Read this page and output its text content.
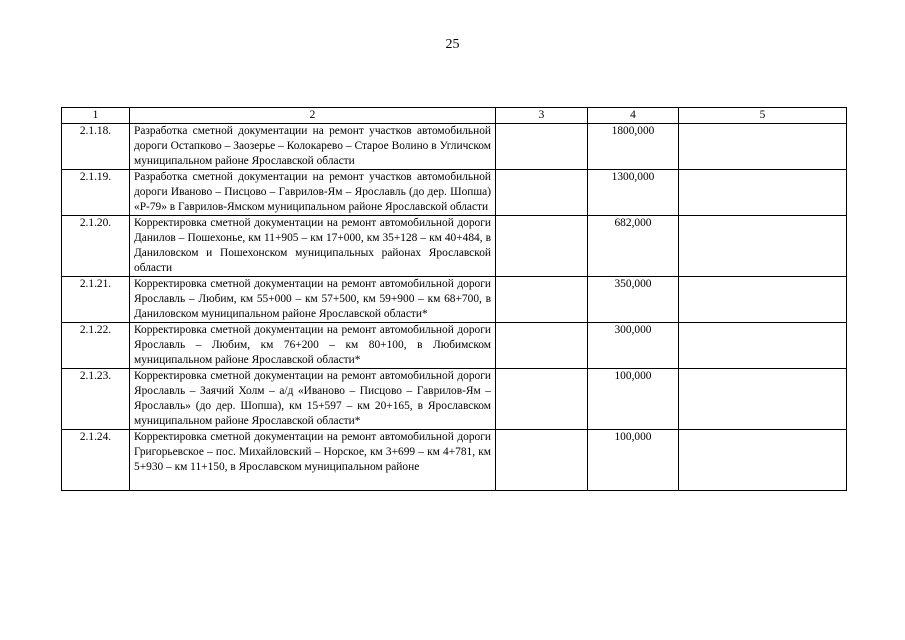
25
1	2	3	4	5
2.1.18.	Разработка сметной документации на ремонт участков автомобильной дороги Остапково – Заозерье – Колокарево – Старое Волино в Угличском муниципальном районе Ярославской области		1800,000	
2.1.19.	Разработка сметной документации на ремонт участков автомобильной дороги Иваново – Писцово – Гаврилов-Ям – Ярославль (до дер. Шопша) «Р-79» в Гаврилов-Ямском муниципальном районе Ярославской области		1300,000	
2.1.20.	Корректировка сметной документации на ремонт автомобильной дороги Данилов – Пошехонье, км 11+905 – км 17+000, км 35+128 – км 40+484, в Даниловском и Пошехонском муниципальных районах Ярославской области		682,000	
2.1.21.	Корректировка сметной документации на ремонт автомобильной дороги Ярославль – Любим, км 55+000 – км 57+500, км 59+900 – км 68+700, в Даниловском муниципальном районе Ярославской области*		350,000	
2.1.22.	Корректировка сметной документации на ремонт автомобильной дороги Ярославль – Любим, км 76+200 – км 80+100, в Любимском муниципальном районе Ярославской области*		300,000	
2.1.23.	Корректировка сметной документации на ремонт автомобильной дороги Ярославль – Заячий Холм – а/д «Иваново – Писцово – Гаврилов-Ям – Ярославль» (до дер. Шопша), км 15+597 – км 20+165, в Ярославском муниципальном районе Ярославской области*		100,000	
2.1.24.	Корректировка сметной документации на ремонт автомобильной дороги Григорьевское – пос. Михайловский – Норское, км 3+699 – км 4+781, км 5+930 – км 11+150, в Ярославском муниципальном районе		100,000	
